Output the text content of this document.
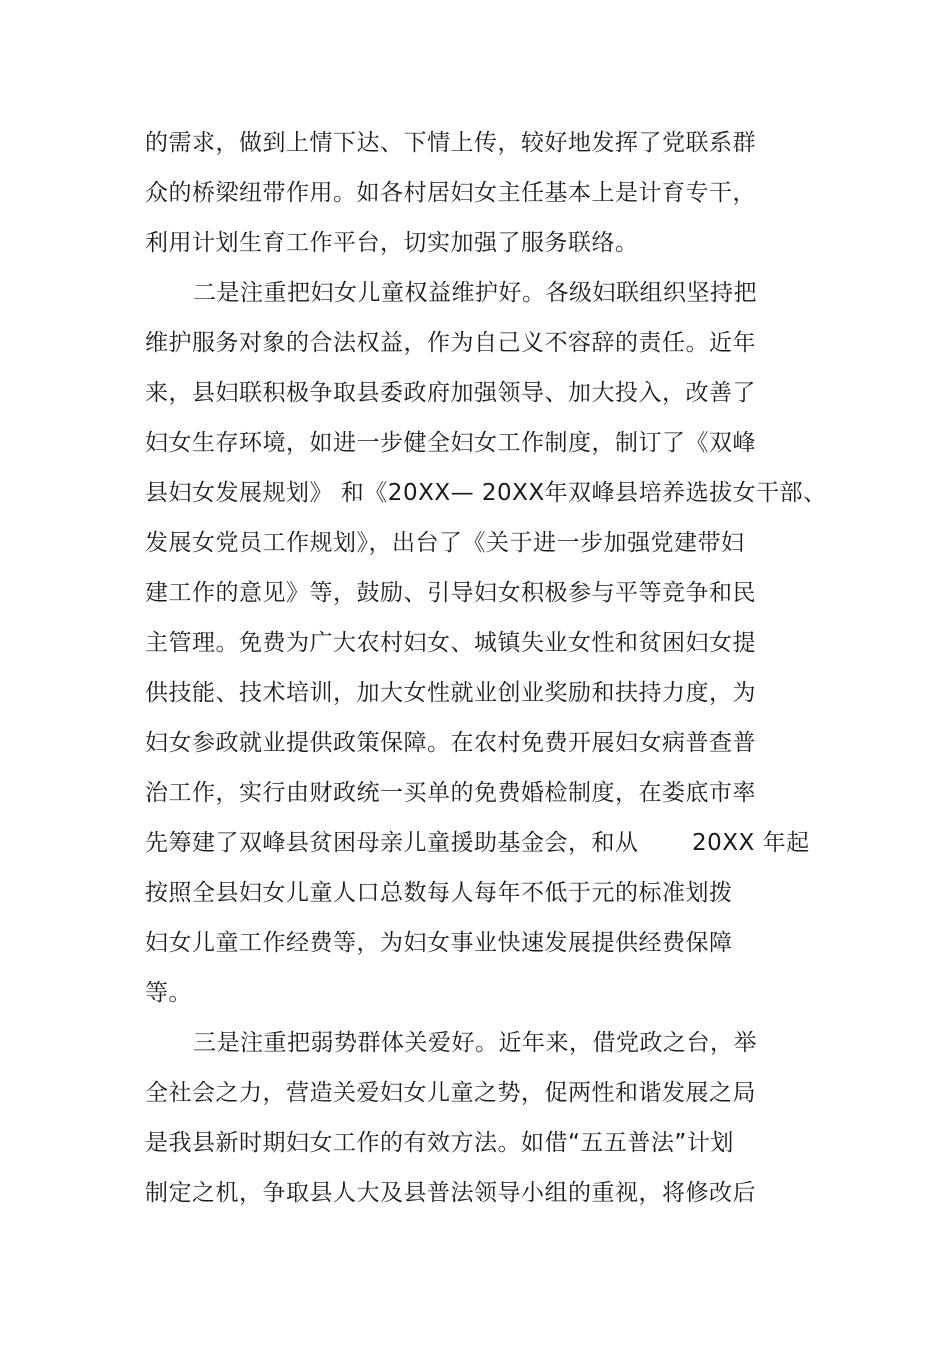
的需求，做到上情下达、下情上传，较好地发挥了党联系群
众的桥梁纽带作用。如各村居妇女主任基本上是计育专干，
利用计划生育工作平台，切实加强了服务联络。
二是注重把妇女儿童权益维护好。各级妇联组织坚持把
维护服务对象的合法权益，作为自己义不容辞的责任。近年
来，县妇联积极争取县委政府加强领导、加大投入，改善了
妇女生存环境，如进一步健全妇女工作制度，制订了《双峰
县妇女发展规划》 和《20XX— 20XX年双峰县培养选拔女干部、
发展女党员工作规划》，出台了《关于进一步加强党建带妇
建工作的意见》等，鼓励、引导妇女积极参与平等竞争和民
主管理。免费为广大农村妇女、城镇失业女性和贫困妇女提
供技能、技术培训，加大女性就业创业奖励和扶持力度，为
妇女参政就业提供政策保障。在农村免费开展妇女病普查普
治工作，实行由财政统一买单的免费婚检制度，在娄底市率
先筹建了双峰县贫困母亲儿童援助基金会，和从 20XX 年起
按照全县妇女儿童人口总数每人每年不低于元的标准划拨
妇女儿童工作经费等，为妇女事业快速发展提供经费保障
等。
三是注重把弱势群体关爱好。近年来，借党政之台，举
全社会之力，营造关爱妇女儿童之势，促两性和谐发展之局
是我县新时期妇女工作的有效方法。如借“五五普法”计划
制定之机，争取县人大及县普法领导小组的重视，将修改后
